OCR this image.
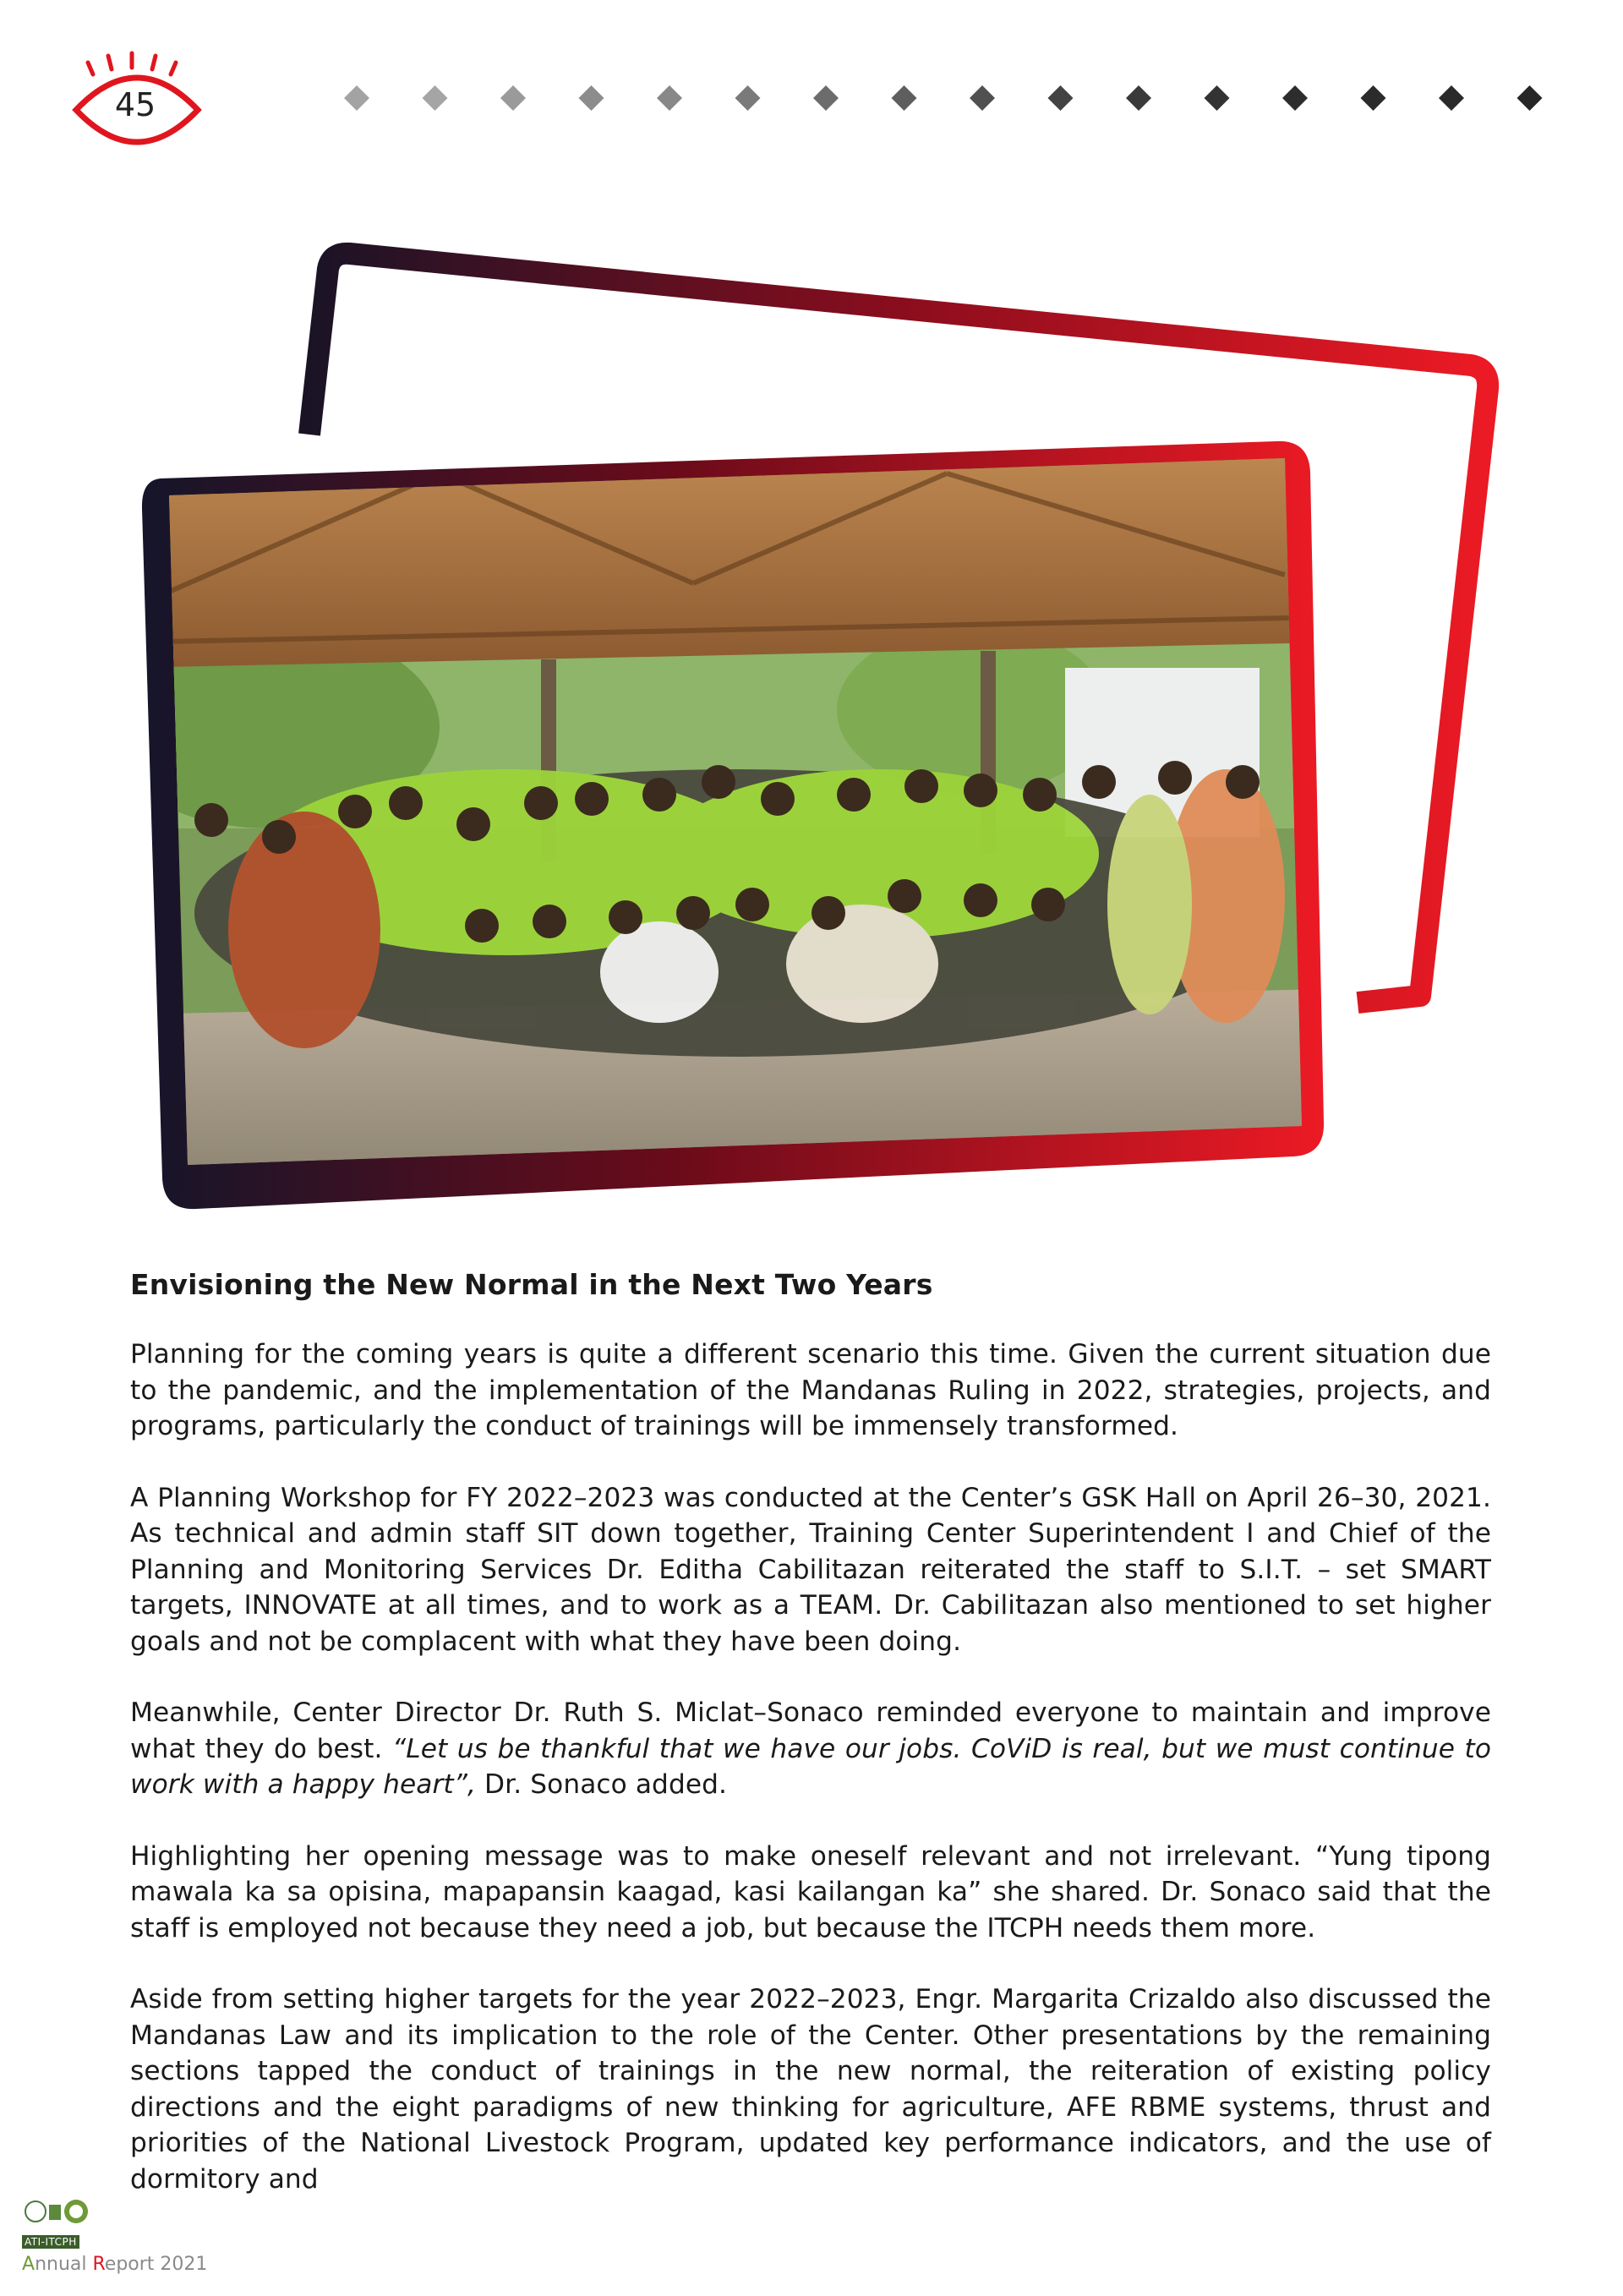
45
Envisioning the New Normal in the Next Two Years

Planning for the coming years is quite a different scenario this time. Given the current situation due to the pandemic, and the implementation of the Mandanas Ruling in 2022, strategies, projects, and programs, particularly the conduct of trainings will be immensely transformed.

A Planning Workshop for FY 2022–2023 was conducted at the Center’s GSK Hall on April 26–30, 2021. As technical and admin staff SIT down together, Training Center Superintendent I and Chief of the Planning and Monitoring Services Dr. Editha Cabilitazan reiterated the staff to S.I.T. – set SMART targets, INNOVATE at all times, and to work as a TEAM. Dr. Cabilitazan also mentioned to set higher goals and not be complacent with what they have been doing.

Meanwhile, Center Director Dr. Ruth S. Miclat–Sonaco reminded everyone to maintain and improve what they do best. “Let us be thankful that we have our jobs. CoViD is real, but we must continue to work with a happy heart”, Dr. Sonaco added.

Highlighting her opening message was to make oneself relevant and not irrelevant. “Yung tipong mawala ka sa opisina, mapapansin kaagad, kasi kailangan ka” she shared. Dr. Sonaco said that the staff is employed not because they need a job, but because the ITCPH needs them more.

Aside from setting higher targets for the year 2022–2023, Engr. Margarita Crizaldo also discussed the Mandanas Law and its implication to the role of the Center. Other presentations by the remaining sections tapped the conduct of trainings in the new normal, the reiteration of existing policy directions and the eight paradigms of new thinking for agriculture, AFE RBME systems, thrust and priorities of the National Livestock Program, updated key performance indicators, and the use of dormitory and

ATI-ITCPH
Annual Report 2021
